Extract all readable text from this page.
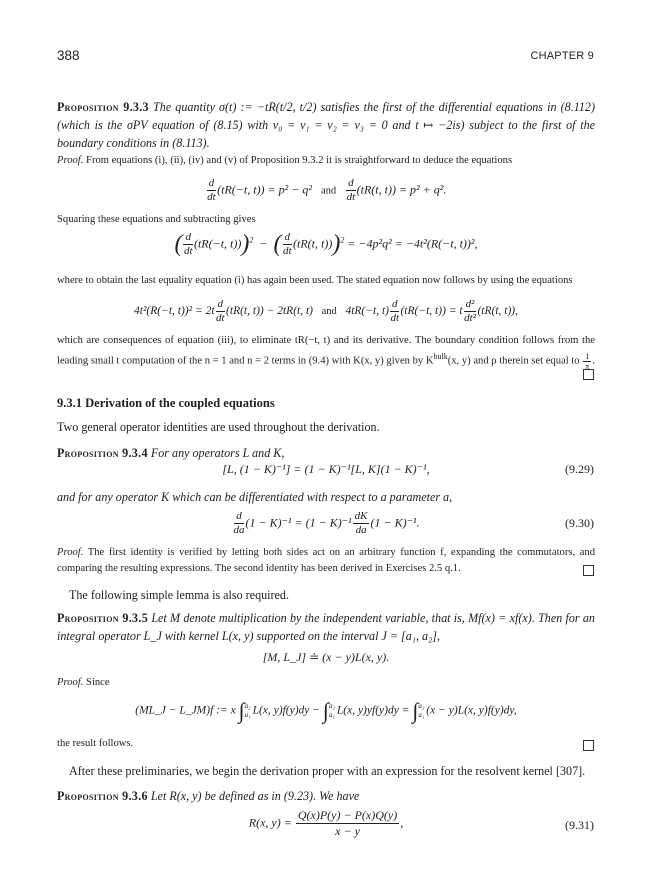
388	CHAPTER 9
Proposition 9.3.3 The quantity σ(t) := −tR(t/2, t/2) satisfies the first of the differential equations in (8.112) (which is the σPV equation of (8.15) with ν₀ = ν₁ = ν₂ = ν₃ = 0 and t ↦ −2is) subject to the first of the boundary conditions in (8.113).
Proof. From equations (i), (ii), (iv) and (v) of Proposition 9.3.2 it is straightforward to deduce the equations
$\frac{d}{dt} (tR(-t$, t)) = p² − q² and $\frac{d}{dt} (tR(t$, t)) = p² + q².
Squaring these equations and subtracting gives
( $\frac{d}{dt} (tR(-t$, t)))$^2$  −  ( $\frac{d}{dt} (tR(t$, t)))$^2$ = −4p²q² = −4t²(R(−t, t))²,
where to obtain the last equality equation (i) has again been used. The stated equation now follows by using the equations
4t²(R(−t, $t))^2 = 2t \frac{d}{dt} (tR(t$, t)) − 2tR(t, t) and 4tR(−t, $t) \frac{d}{dt} (tR(-t$, t)) = t $\frac{\text{d²}}{\text{dt²}} (tR(t$, t)),
which are consequences of equation (iii), to eliminate tR(−t, t) and its derivative. The boundary condition follows from the leading small t computation of the n = 1 and n = 2 terms in (9.4) with K(x, y) given by $K^{bulk}(x$, y) and ρ therein set equal to $\frac{1}{\pi}$ .
9.3.1 Derivation of the coupled equations
Two general operator identities are used throughout the derivation.
Proposition 9.3.4 For any operators L and K,
[L, (1 − K)⁻¹] = (1 − K)⁻¹[L, K](1 − K)⁻¹,	(9.29)
and for any operator K which can be differentiated with respect to a parameter a,
$\frac{d}{da} (1 - K)^{-1} = (1 - K)^{-1} \frac{dK}{da} (1 - K)^{-1}$.	(9.30)
Proof. The first identity is verified by letting both sides act on an arbitrary function f, expanding the commutators, and comparing the resulting expressions. The second identity has been derived in Exercises 2.5 q.1.
The following simple lemma is also required.
Proposition 9.3.5 Let M denote multiplication by the independent variable, that is, Mf(x) = xf(x). Then for an integral operator L_J with kernel L(x, y) supported on the interval J = [a₁, a₂],
[M, L_J] ≐ (x − y)L(x, y).
Proof. Since
(ML_J − L_JM)f := x ∫ a₂
a₁ L(x, y)f(y)dy − ∫ a₂
a₁ L(x, y)yf(y)dy = ∫ a₂
a₁ (x − y)L(x, y)f(y)dy,
the result follows.
After these preliminaries, we begin the derivation proper with an expression for the resolvent kernel [307].
Proposition 9.3.6 Let R(x, y) be defined as in (9.23). We have
R(x, $y) = \frac{Q(x)P(y) - P(x)Q(y)}{x - y}$ ,	(9.31)
